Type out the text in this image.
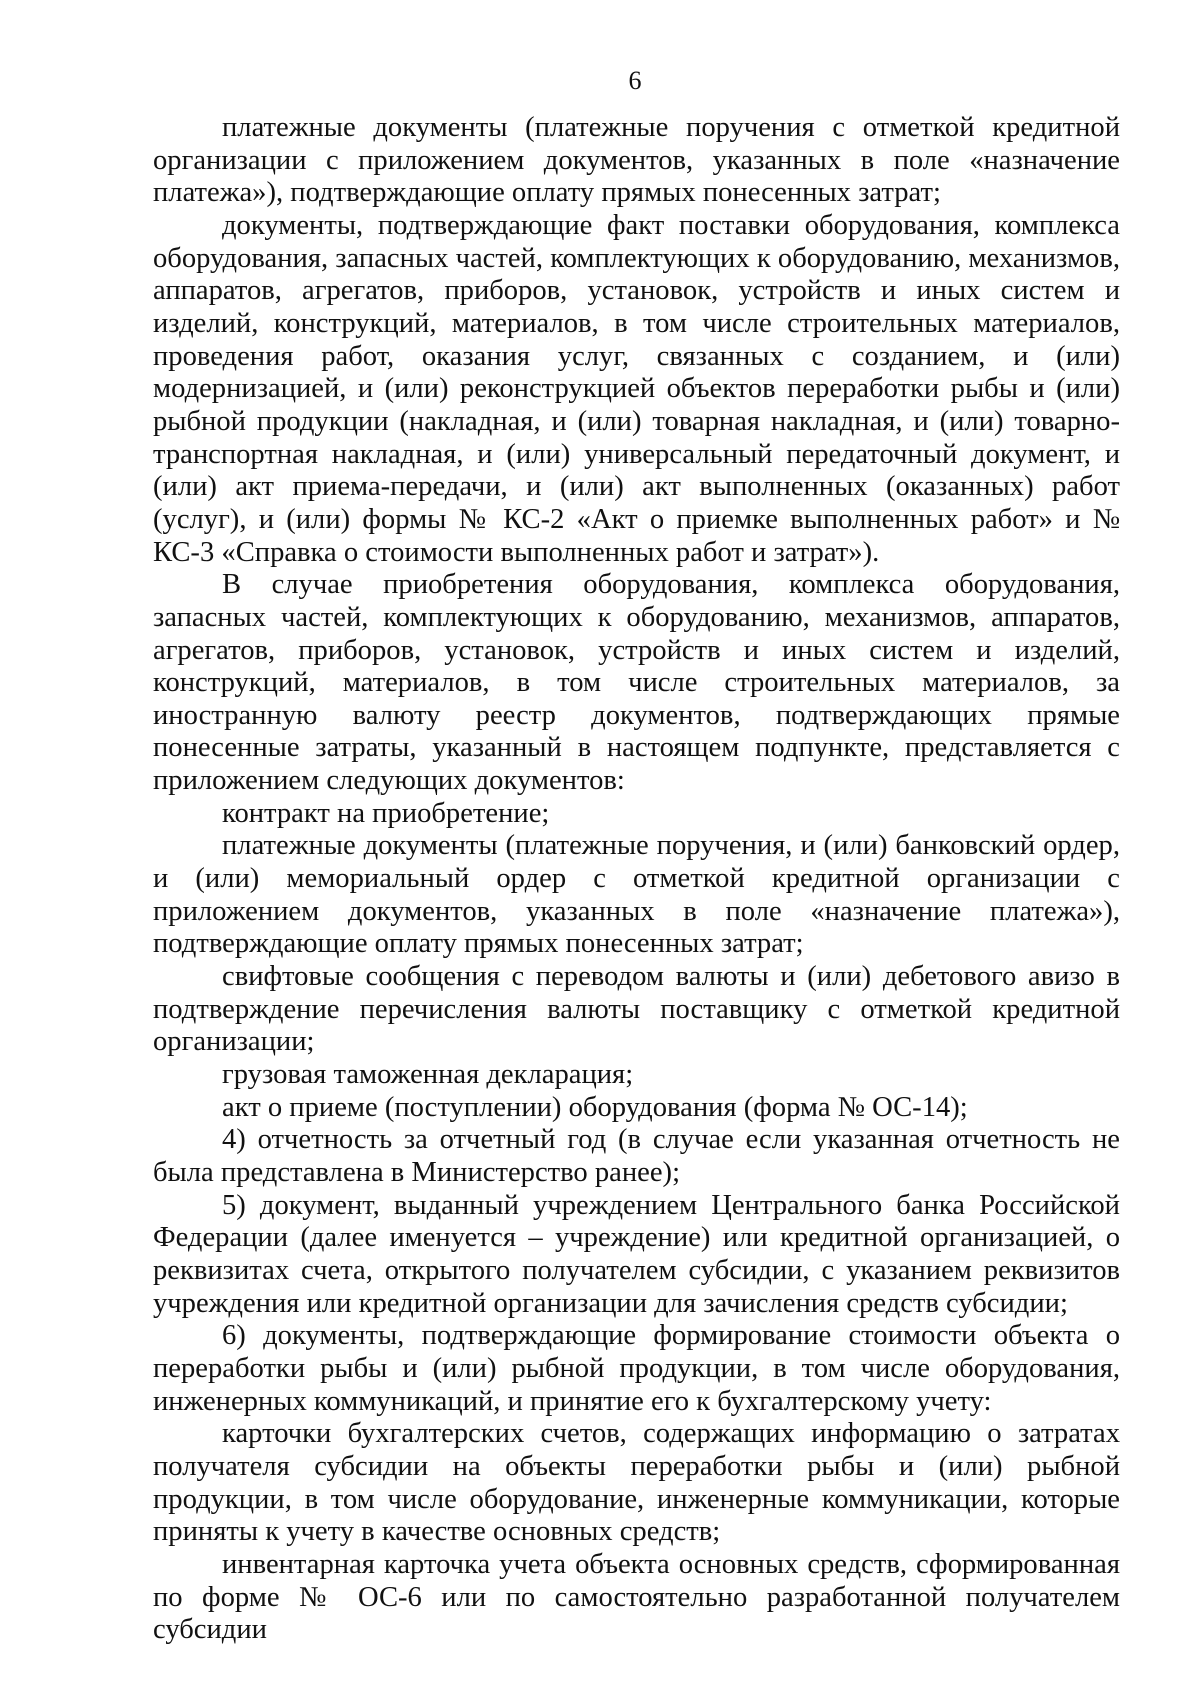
6

платежные документы (платежные поручения с отметкой кредитной организации с приложением документов, указанных в поле «назначение платежа»), подтверждающие оплату прямых понесенных затрат;

документы, подтверждающие факт поставки оборудования, комплекса оборудования, запасных частей, комплектующих к оборудованию, механизмов, аппаратов, агрегатов, приборов, установок, устройств и иных систем и изделий, конструкций, материалов, в том числе строительных материалов, проведения работ, оказания услуг, связанных с созданием, и (или) модернизацией, и (или) реконструкцией объектов переработки рыбы и (или) рыбной продукции (накладная, и (или) товарная накладная, и (или) товарно-транспортная накладная, и (или) универсальный передаточный документ, и (или) акт приема-передачи, и (или) акт выполненных (оказанных) работ (услуг), и (или) формы № КС-2 «Акт о приемке выполненных работ» и № КС-3 «Справка о стоимости выполненных работ и затрат»).

В случае приобретения оборудования, комплекса оборудования, запасных частей, комплектующих к оборудованию, механизмов, аппаратов, агрегатов, приборов, установок, устройств и иных систем и изделий, конструкций, материалов, в том числе строительных материалов, за иностранную валюту реестр документов, подтверждающих прямые понесенные затраты, указанный в настоящем подпункте, представляется с приложением следующих документов:

контракт на приобретение;

платежные документы (платежные поручения, и (или) банковский ордер, и (или) мемориальный ордер с отметкой кредитной организации с приложением документов, указанных в поле «назначение платежа»), подтверждающие оплату прямых понесенных затрат;

свифтовые сообщения с переводом валюты и (или) дебетового авизо в подтверждение перечисления валюты поставщику с отметкой кредитной организации;

грузовая таможенная декларация;

акт о приеме (поступлении) оборудования (форма № ОС-14);

4) отчетность за отчетный год (в случае если указанная отчетность не была представлена в Министерство ранее);

5) документ, выданный учреждением Центрального банка Российской Федерации (далее именуется – учреждение) или кредитной организацией, о реквизитах счета, открытого получателем субсидии, с указанием реквизитов учреждения или кредитной организации для зачисления средств субсидии;

6) документы, подтверждающие формирование стоимости объекта о переработки рыбы и (или) рыбной продукции, в том числе оборудования, инженерных коммуникаций, и принятие его к бухгалтерскому учету:

карточки бухгалтерских счетов, содержащих информацию о затратах получателя субсидии на объекты переработки рыбы и (или) рыбной продукции, в том числе оборудование, инженерные коммуникации, которые приняты к учету в качестве основных средств;

инвентарная карточка учета объекта основных средств, сформированная по форме № ОС-6 или по самостоятельно разработанной получателем субсидии
